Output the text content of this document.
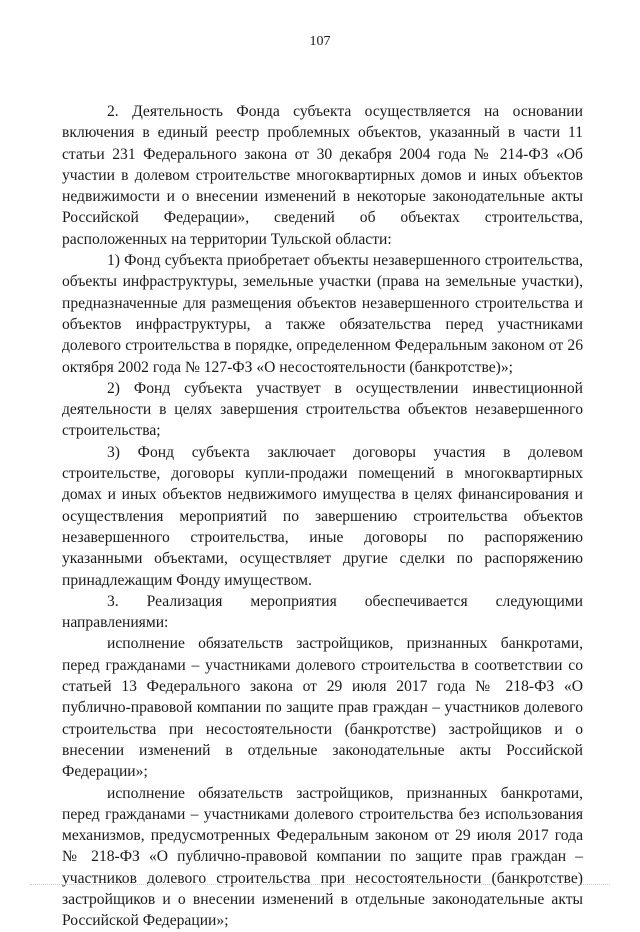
107

2. Деятельность Фонда субъекта осуществляется на основании включения в единый реестр проблемных объектов, указанный в части 11 статьи 231 Федерального закона от 30 декабря 2004 года № 214-ФЗ «Об участии в долевом строительстве многоквартирных домов и иных объектов недвижимости и о внесении изменений в некоторые законодательные акты Российской Федерации», сведений об объектах строительства, расположенных на территории Тульской области:

1) Фонд субъекта приобретает объекты незавершенного строительства, объекты инфраструктуры, земельные участки (права на земельные участки), предназначенные для размещения объектов незавершенного строительства и объектов инфраструктуры, а также обязательства перед участниками долевого строительства в порядке, определенном Федеральным законом от 26 октября 2002 года № 127-ФЗ «О несостоятельности (банкротстве)»;

2) Фонд субъекта участвует в осуществлении инвестиционной деятельности в целях завершения строительства объектов незавершенного строительства;

3) Фонд субъекта заключает договоры участия в долевом строительстве, договоры купли-продажи помещений в многоквартирных домах и иных объектов недвижимого имущества в целях финансирования и осуществления мероприятий по завершению строительства объектов незавершенного строительства, иные договоры по распоряжению указанными объектами, осуществляет другие сделки по распоряжению принадлежащим Фонду имуществом.

3. Реализация мероприятия обеспечивается следующими направлениями:

исполнение обязательств застройщиков, признанных банкротами, перед гражданами – участниками долевого строительства в соответствии со статьей 13 Федерального закона от 29 июля 2017 года № 218-ФЗ «О публично-правовой компании по защите прав граждан – участников долевого строительства при несостоятельности (банкротстве) застройщиков и о внесении изменений в отдельные законодательные акты Российской Федерации»;

исполнение обязательств застройщиков, признанных банкротами, перед гражданами – участниками долевого строительства без использования механизмов, предусмотренных Федеральным законом от 29 июля 2017 года № 218-ФЗ «О публично-правовой компании по защите прав граждан – участников долевого строительства при несостоятельности (банкротстве) застройщиков и о внесении изменений в отдельные законодательные акты Российской Федерации»;
